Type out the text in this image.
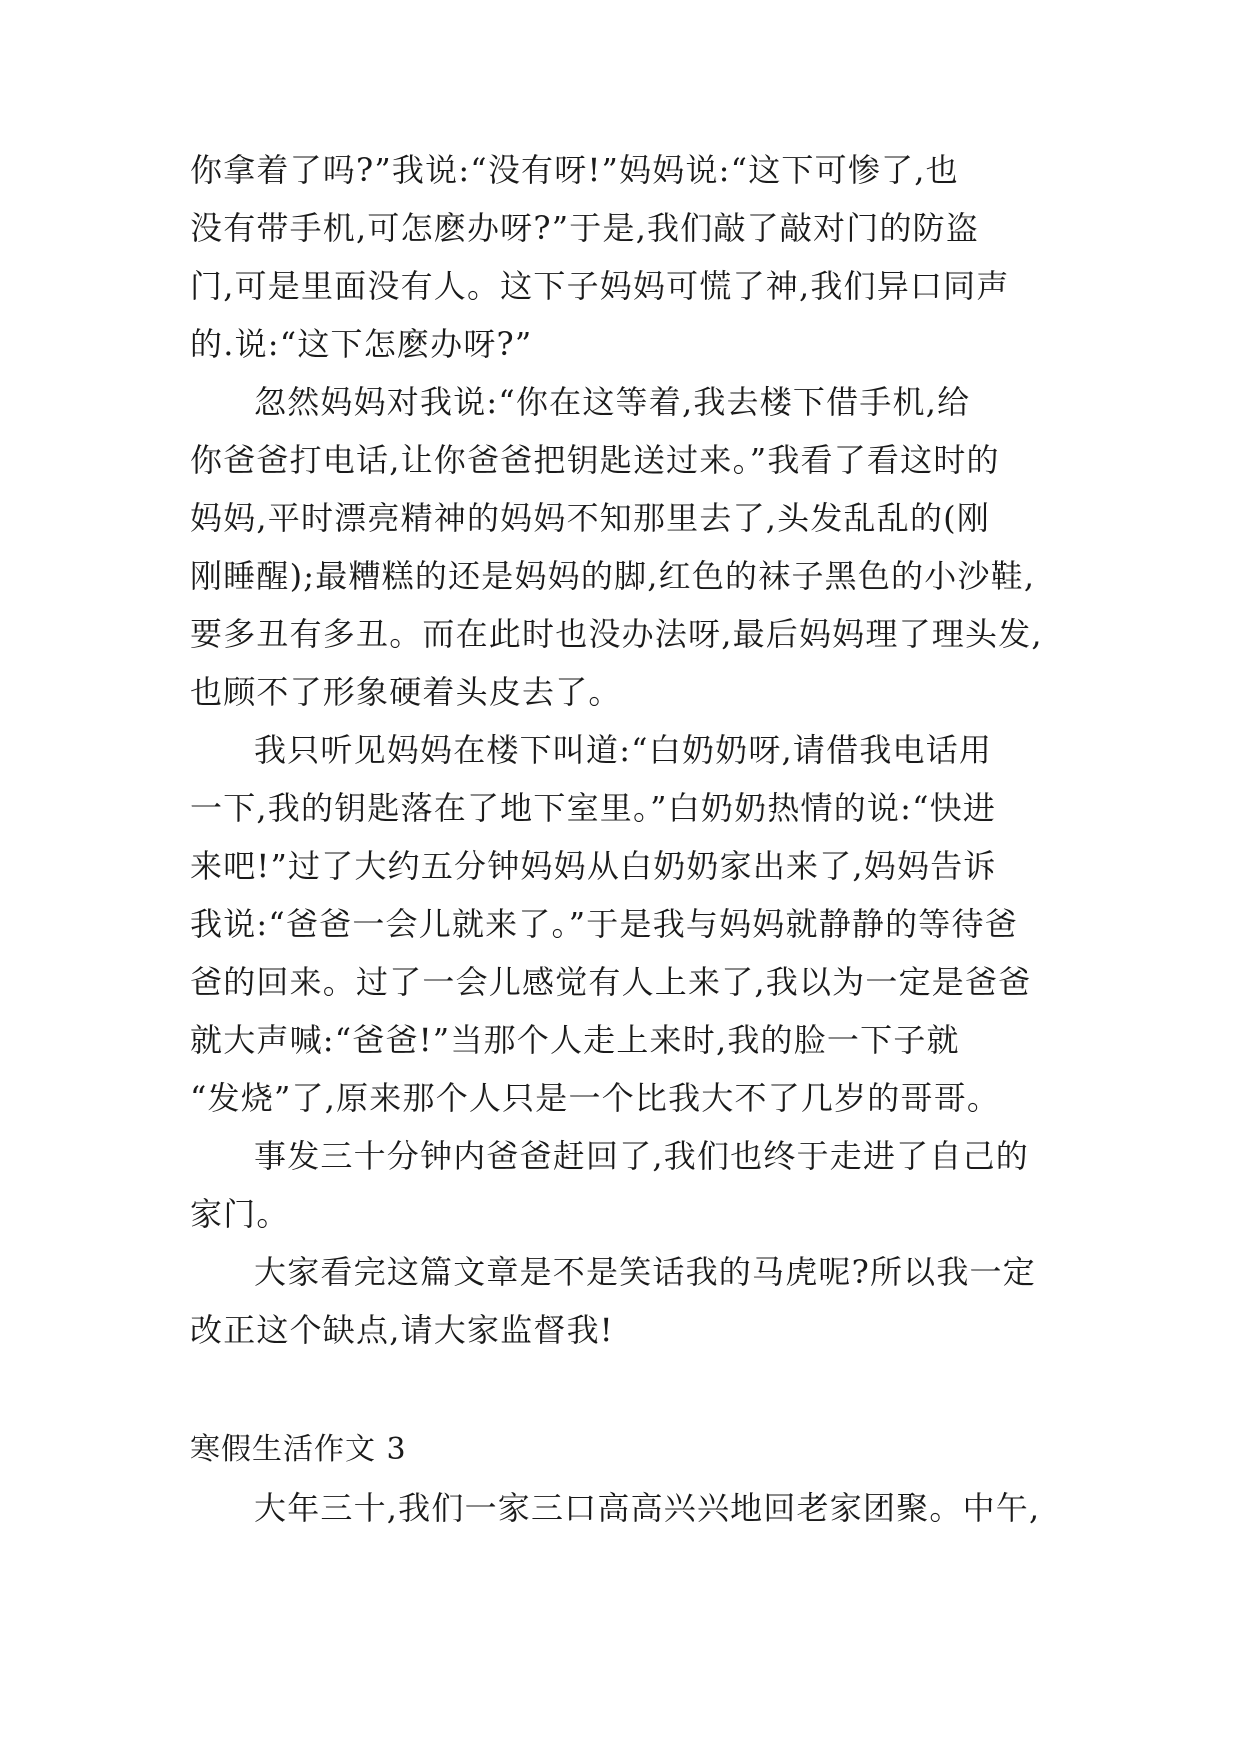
你拿着了吗?”我说:“没有呀!”妈妈说:“这下可惨了,也
没有带手机,可怎麽办呀?”于是,我们敲了敲对门的防盗
门,可是里面没有人。这下子妈妈可慌了神,我们异口同声
的.说:“这下怎麽办呀?”
忽然妈妈对我说:“你在这等着,我去楼下借手机,给
你爸爸打电话,让你爸爸把钥匙送过来。”我看了看这时的
妈妈,平时漂亮精神的妈妈不知那里去了,头发乱乱的(刚
刚睡醒);最糟糕的还是妈妈的脚,红色的袜子黑色的小沙鞋,
要多丑有多丑。而在此时也没办法呀,最后妈妈理了理头发,
也顾不了形象硬着头皮去了。
我只听见妈妈在楼下叫道:“白奶奶呀,请借我电话用
一下,我的钥匙落在了地下室里。”白奶奶热情的说:“快进
来吧!”过了大约五分钟妈妈从白奶奶家出来了,妈妈告诉
我说:“爸爸一会儿就来了。”于是我与妈妈就静静的等待爸
爸的回来。过了一会儿感觉有人上来了,我以为一定是爸爸
就大声喊:“爸爸!”当那个人走上来时,我的脸一下子就
“发烧”了,原来那个人只是一个比我大不了几岁的哥哥。
事发三十分钟内爸爸赶回了,我们也终于走进了自己的
家门。
大家看完这篇文章是不是笑话我的马虎呢?所以我一定
改正这个缺点,请大家监督我!
寒假生活作文 3
大年三十,我们一家三口高高兴兴地回老家团聚。中午,
